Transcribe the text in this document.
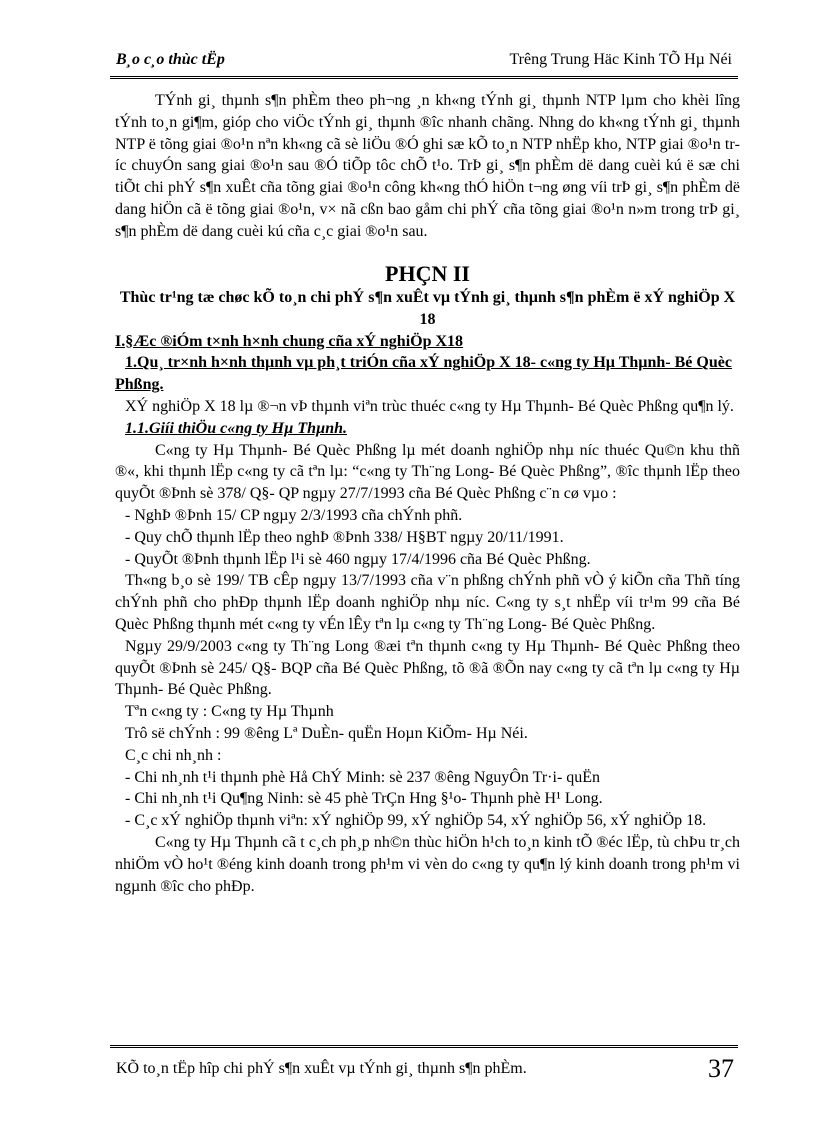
B¸o c¸o thùc tËp	Trêng Trung Häc Kinh TÕ Hµ Néi

TÝnh gi¸ thµnh s¶n phÈm theo ph¬ng ¸n kh«ng tÝnh gi¸ thµnh NTP lµm cho khèi lîng tÝnh to¸n gi¶m, gióp cho viÖc tÝnh gi¸ thµnh ®îc nhanh chãng. Nhng do kh«ng tÝnh gi¸ thµnh NTP ë tõng giai ®o¹n nªn kh«ng cã sè liÖu ®Ó ghi sæ kÕ to¸n NTP nhËp kho, NTP giai ®o¹n tríc chuyÓn sang giai ®o¹n sau ®Ó tiÕp tôc chÕ t¹o. TrÞ gi¸ s¶n phÈm dë dang cuèi kú ë sæ chi tiÕt chi phÝ s¶n xuÊt cña tõng giai ®o¹n công kh«ng thÓ hiÖn t¬ng øng víi trÞ gi¸ s¶n phÈm dë dang hiÖn cã ë tõng giai ®o¹n, v× nã cßn bao gåm chi phÝ cña tõng giai ®o¹n n»m trong trÞ gi¸ s¶n phÈm dë dang cuèi kú cña c¸c giai ®o¹n sau.

PHÇN II
Thùc tr¹ng tæ chøc kÕ to¸n chi phÝ s¶n xuÊt vµ tÝnh gi¸ thµnh s¶n phÈm ë xÝ nghiÖp X 18
I.§Æc ®iÓm t×nh h×nh chung cña xÝ nghiÖp X18
1.Qu¸ tr×nh h×nh thµnh vµ ph¸t triÓn cña xÝ nghiÖp X 18- c«ng ty Hµ Thµnh- Bé Quèc Phßng.

XÝ nghiÖp X 18 lµ ®¬n vÞ thµnh viªn trùc thuéc c«ng ty Hµ Thµnh- Bé Quèc Phßng qu¶n lý.

1.1.Giíi thiÖu c«ng ty Hµ Thµnh.

C«ng ty Hµ Thµnh- Bé Quèc Phßng lµ mét doanh nghiÖp nhµ níc thuéc Qu©n khu thñ ®«, khi thµnh lËp c«ng ty cã tªn lµ: “c«ng ty Th¨ng Long- Bé Quèc Phßng”, ®îc thµnh lËp theo quyÕt ®Þnh sè 378/ Q§- QP ngµy 27/7/1993 cña Bé Quèc Phßng c¨n cø vµo :

- NghÞ ®Þnh 15/ CP ngµy 2/3/1993 cña chÝnh phñ.

- Quy chÕ thµnh lËp theo nghÞ ®Þnh 338/ H§BT ngµy 20/11/1991.

- QuyÕt ®Þnh thµnh lËp l¹i sè 460 ngµy 17/4/1996 cña Bé Quèc Phßng.

Th«ng b¸o sè 199/ TB cÊp ngµy 13/7/1993 cña v¨n phßng chÝnh phñ vÒ ý kiÕn cña Thñ tíng chÝnh phñ cho phÐp thµnh lËp doanh nghiÖp nhµ níc. C«ng ty s¸t nhËp víi tr¹m 99 cña Bé Quèc Phßng thµnh mét c«ng ty vÉn lÊy tªn lµ c«ng ty Th¨ng Long- Bé Quèc Phßng.

Ngµy 29/9/2003 c«ng ty Th¨ng Long ®æi tªn thµnh c«ng ty Hµ Thµnh- Bé Quèc Phßng theo quyÕt ®Þnh sè 245/ Q§- BQP cña Bé Quèc Phßng, tõ ®ã ®Õn nay c«ng ty cã tªn lµ c«ng ty Hµ Thµnh- Bé Quèc Phßng.

Tªn c«ng ty : C«ng ty Hµ Thµnh

Trô së chÝnh : 99 ®êng Lª DuÈn- quËn Hoµn KiÕm- Hµ Néi.

C¸c chi nh¸nh :

- Chi nh¸nh t¹i thµnh phè Hå ChÝ Minh: sè 237 ®êng NguyÔn Tr·i- quËn

- Chi nh¸nh t¹i Qu¶ng Ninh: sè 45 phè TrÇn Hng §¹o- Thµnh phè H¹ Long.

- C¸c xÝ nghiÖp thµnh viªn: xÝ nghiÖp 99, xÝ nghiÖp 54, xÝ nghiÖp 56, xÝ nghiÖp 18.

C«ng ty Hµ Thµnh cã t c¸ch ph¸p nh©n thùc hiÖn h¹ch to¸n kinh tÕ ®éc lËp, tù chÞu tr¸ch nhiÖm vÒ ho¹t ®éng kinh doanh trong ph¹m vi vèn do c«ng ty qu¶n lý kinh doanh trong ph¹m vi ngµnh ®îc cho phÐp.

KÕ to¸n tËp hîp chi phÝ s¶n xuÊt vµ tÝnh gi¸ thµnh s¶n phÈm.	37
